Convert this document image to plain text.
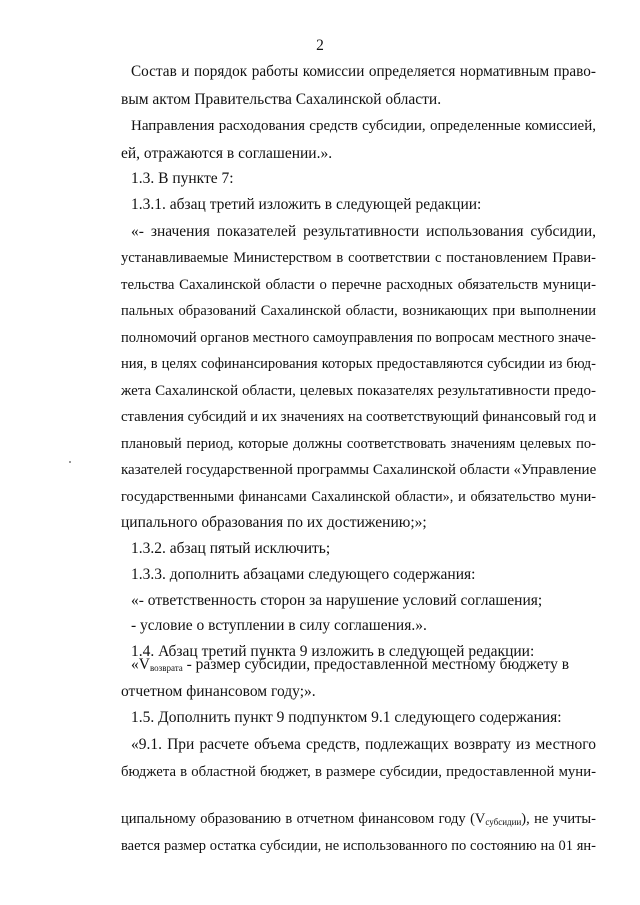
2
Состав и порядок работы комиссии определяется нормативным право-
вым актом Правительства Сахалинской области.
Направления расходования средств субсидии, определенные комиссией,
ей, отражаются в соглашении.».
1.3. В пункте 7:
1.3.1. абзац третий изложить в следующей редакции:
«- значения показателей результативности использования субсидии,
устанавливаемые Министерством в соответствии с постановлением Прави-
тельства Сахалинской области о перечне расходных обязательств муници-
пальных образований Сахалинской области, возникающих при выполнении
полномочий органов местного самоуправления по вопросам местного значе-
ния, в целях софинансирования которых предоставляются субсидии из бюд-
жета Сахалинской области, целевых показателях результативности предо-
ставления субсидий и их значениях на соответствующий финансовый год и
плановый период, которые должны соответствовать значениям целевых по-
казателей государственной программы Сахалинской области «Управление
государственными финансами Сахалинской области», и обязательство муни-
ципального образования по их достижению;»;
1.3.2. абзац пятый исключить;
1.3.3. дополнить абзацами следующего содержания:
«- ответственность сторон за нарушение условий соглашения;
- условие о вступлении в силу соглашения.».
1.4. Абзац третий пункта 9 изложить в следующей редакции:
отчетном финансовом году;».
1.5. Дополнить пункт 9 подпунктом 9.1 следующего содержания:
«9.1. При расчете объема средств, подлежащих возврату из местного
бюджета в областной бюджет, в размере субсидии, предоставленной муни-
«$V_{возврата}$ - размер субсидии, предоставленной местному бюджету в
ципальному образованию в отчетном финансовом году $(V_{субсидии})$, не учиты-
вается размер остатка субсидии, не использованного по состоянию на 01 ян-
